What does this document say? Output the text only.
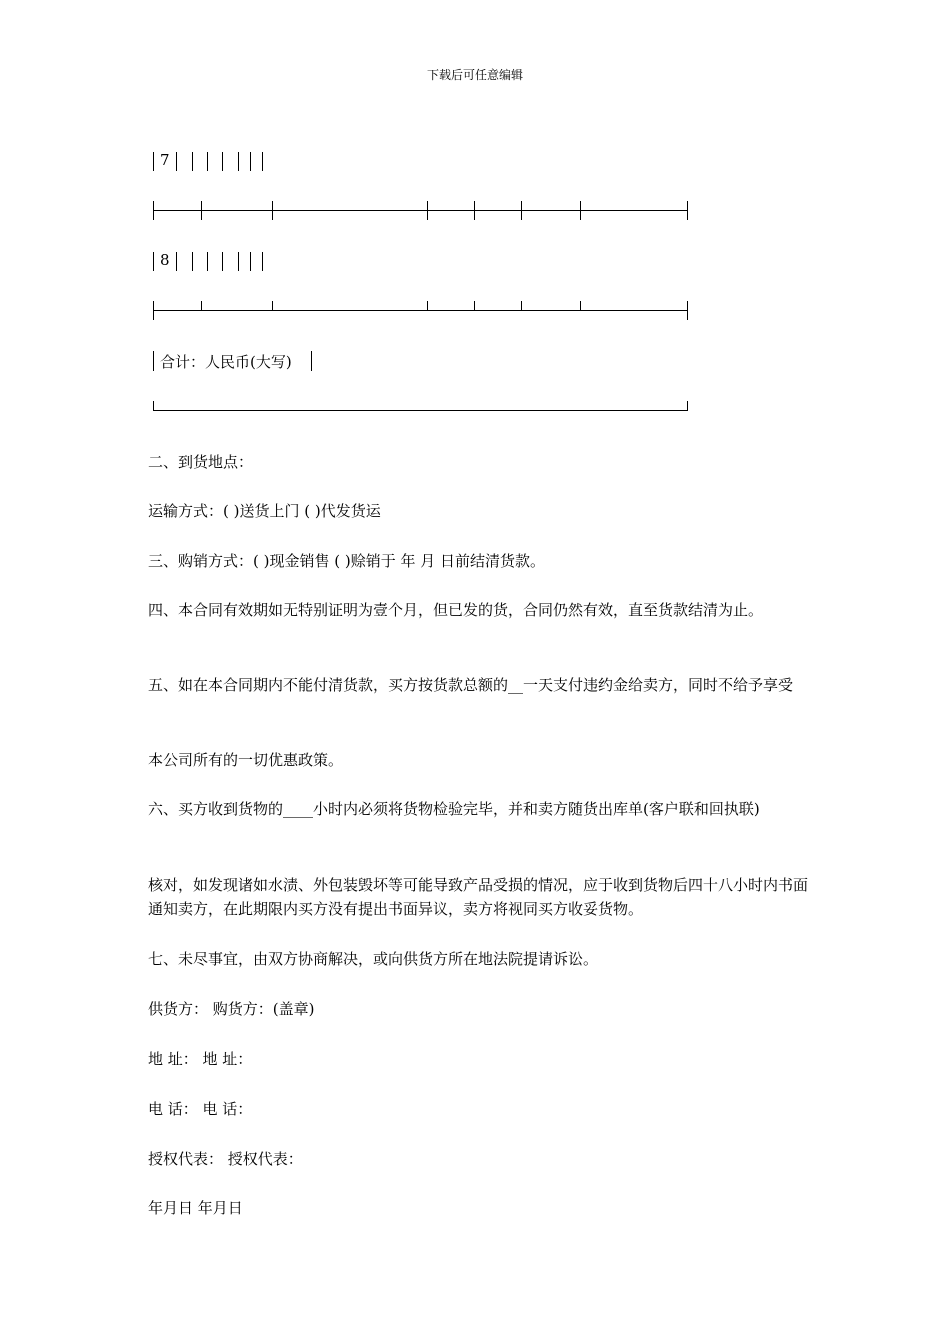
下载后可任意编辑
7
8
合计：人民币(大写)
二、到货地点：
运输方式：( )送货上门 ( )代发货运
三、购销方式：( )现金销售 ( )赊销于 年 月 日前结清货款。
四、本合同有效期如无特别证明为壹个月，但已发的货，合同仍然有效，直至货款结清为止。
五、如在本合同期内不能付清货款，买方按货款总额的__一天支付违约金给卖方，同时不给予享受
本公司所有的一切优惠政策。
六、买方收到货物的____小时内必须将货物检验完毕，并和卖方随货出库单(客户联和回执联)
核对，如发现诸如水渍、外包装毁坏等可能导致产品受损的情况，应于收到货物后四十八小时内书面通知卖方，在此期限内买方没有提出书面异议，卖方将视同买方收妥货物。
七、未尽事宜，由双方协商解决，或向供货方所在地法院提请诉讼。
供货方： 购货方：(盖章)
地 址： 地 址：
电 话： 电 话：
授权代表： 授权代表：
年月日 年月日
